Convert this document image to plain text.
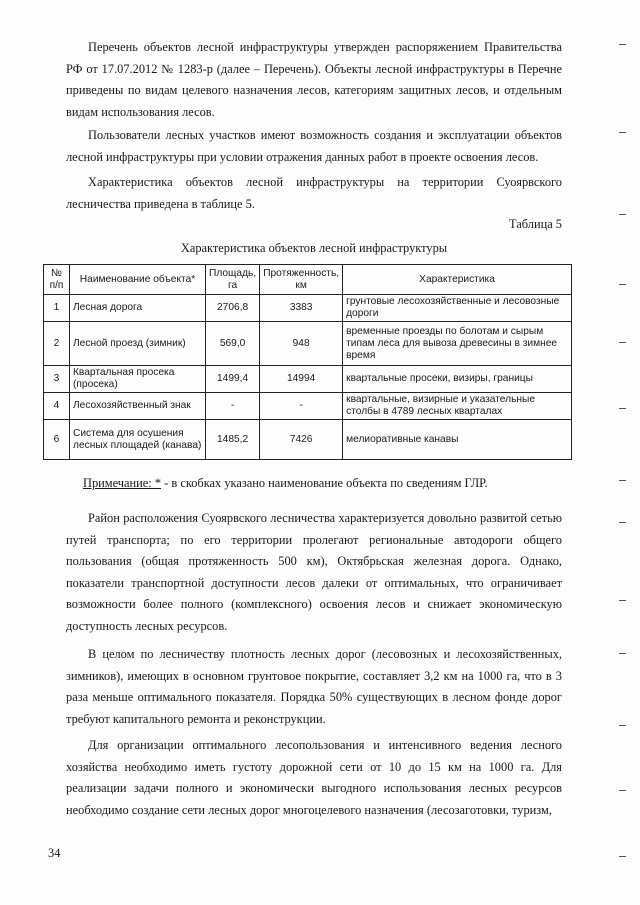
Перечень объектов лесной инфраструктуры утвержден распоряжением Правительства РФ от 17.07.2012 № 1283-р (далее – Перечень). Объекты лесной инфраструктуры в Перечне приведены по видам целевого назначения лесов, категориям защитных лесов, и отдельным видам использования лесов.

Пользователи лесных участков имеют возможность создания и эксплуатации объектов лесной инфраструктуры при условии отражения данных работ в проекте освоения лесов.

Характеристика объектов лесной инфраструктуры на территории Суоярвского лесничества приведена в таблице 5.

Таблица 5
Характеристика объектов лесной инфраструктуры
№ п/п	Наименование объекта*	Площадь, га	Протяженность, км	Характеристика
1	Лесная дорога	2706,8	3383	грунтовые лесохозяйственные и лесовозные дороги
2	Лесной проезд (зимник)	569,0	948	временные проезды по болотам и сырым типам леса для вывоза древесины в зимнее время
3	Квартальная просека (просека)	1499,4	14994	квартальные просеки, визиры, границы
4	Лесохозяйственный знак	-	-	квартальные, визирные и указательные столбы в 4789 лесных кварталах
6	Система для осушения лесных площадей (канава)	1485,2	7426	мелиоративные канавы
Примечание: * - в скобках указано наименование объекта по сведениям ГЛР.

Район расположения Суоярвского лесничества характеризуется довольно развитой сетью путей транспорта; по его территории пролегают региональные автодороги общего пользования (общая протяженность 500 км), Октябрьская железная дорога. Однако, показатели транспортной доступности лесов далеки от оптимальных, что ограничивает возможности более полного (комплексного) освоения лесов и снижает экономическую доступность лесных ресурсов.

В целом по лесничеству плотность лесных дорог (лесовозных и лесохозяйственных, зимников), имеющих в основном грунтовое покрытие, составляет 3,2 км на 1000 га, что в 3 раза меньше оптимального показателя. Порядка 50% существующих в лесном фонде дорог требуют капитального ремонта и реконструкции.

Для организации оптимального лесопользования и интенсивного ведения лесного хозяйства необходимо иметь густоту дорожной сети от 10 до 15 км на 1000 га. Для реализации задачи полного и экономически выгодного использования лесных ресурсов необходимо создание сети лесных дорог многоцелевого назначения (лесозаготовки, туризм,

34
